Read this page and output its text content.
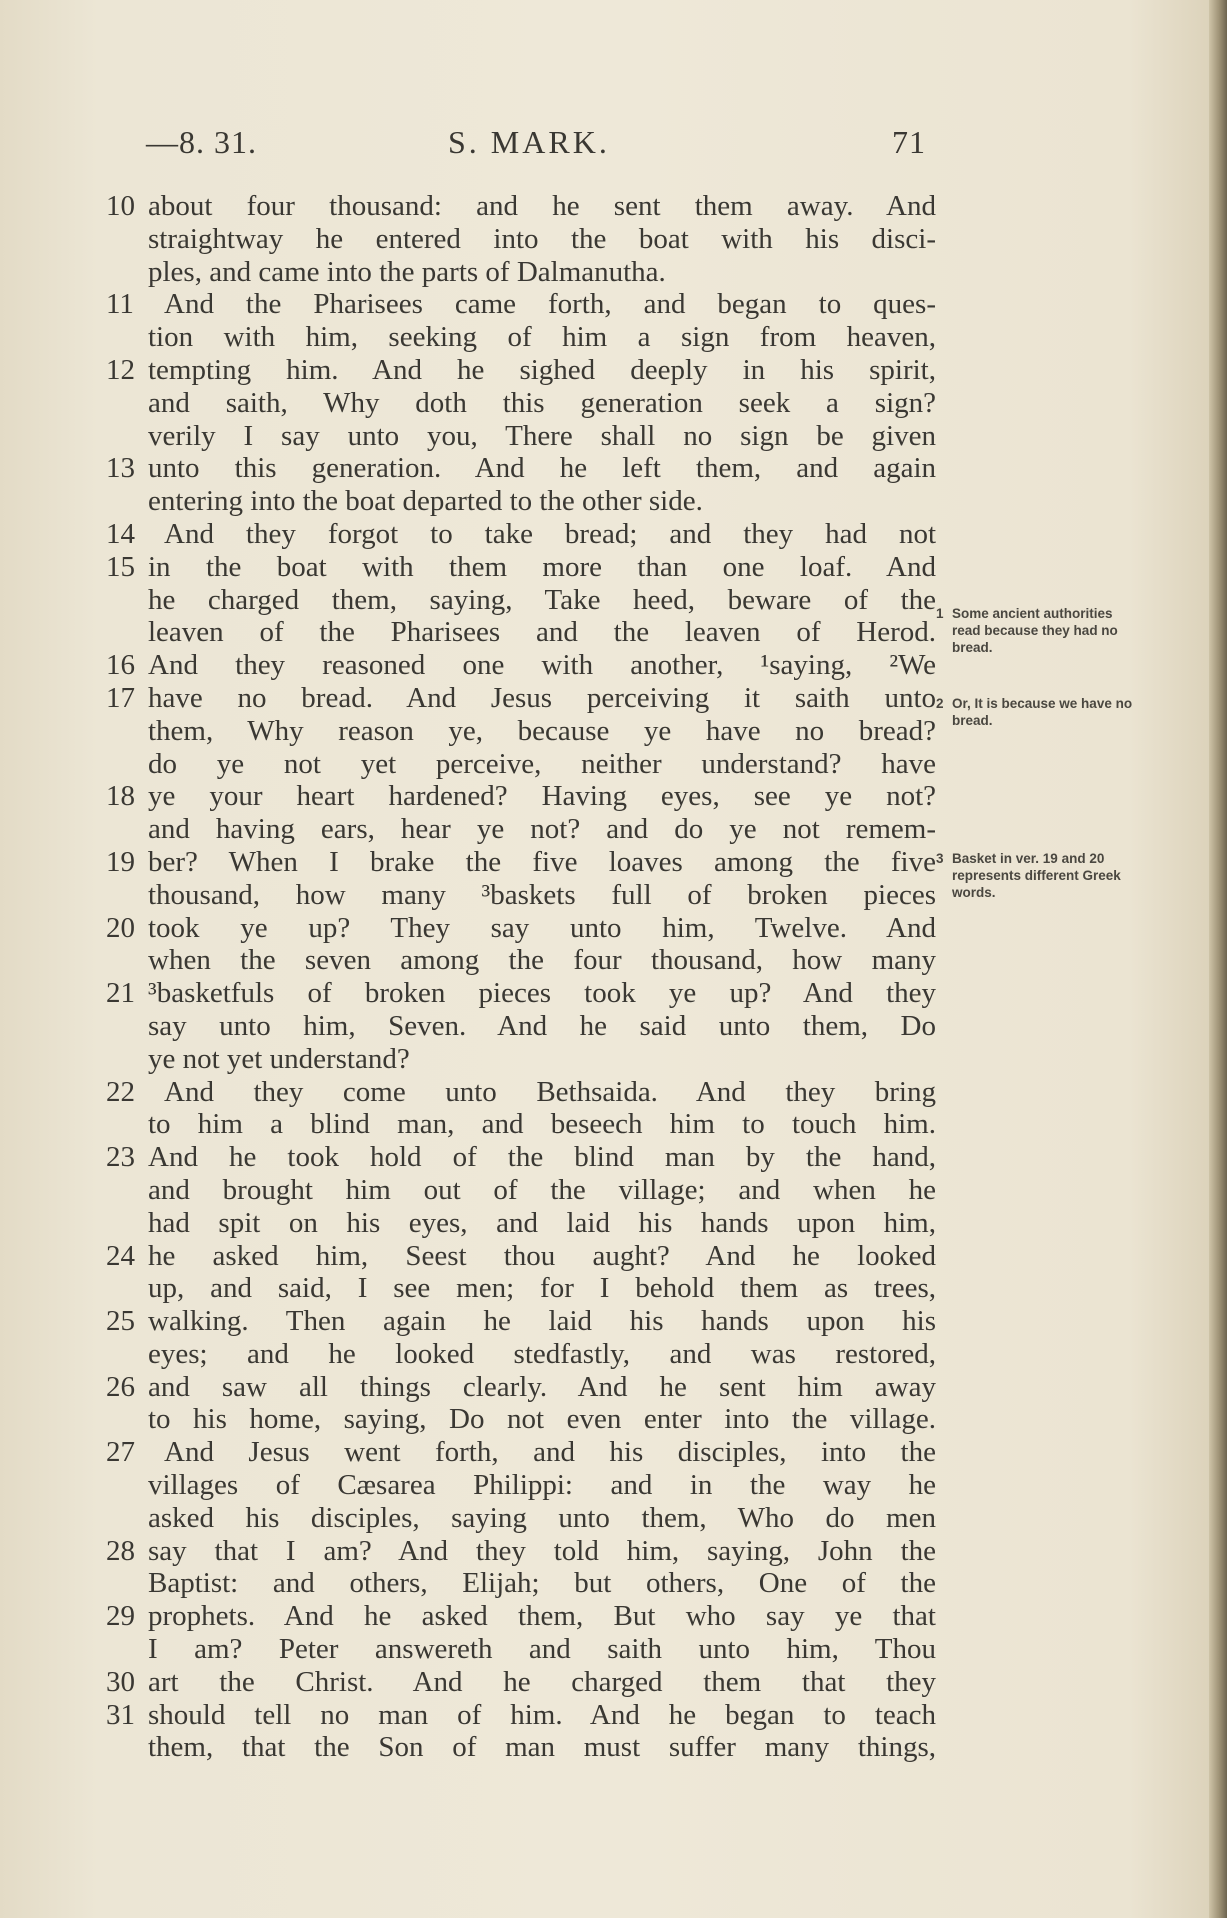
—8. 31.	S. MARK.	71
10 about four thousand: and he sent them away. And
straightway he entered into the boat with his disci-
ples, and came into the parts of Dalmanutha.
11 And the Pharisees came forth, and began to ques-
tion with him, seeking of him a sign from heaven,
12 tempting him. And he sighed deeply in his spirit,
and saith, Why doth this generation seek a sign?
verily I say unto you, There shall no sign be given
13 unto this generation. And he left them, and again
entering into the boat departed to the other side.
14 And they forgot to take bread; and they had not
15 in the boat with them more than one loaf. And
he charged them, saying, Take heed, beware of the
leaven of the Pharisees and the leaven of Herod.
16 And they reasoned one with another, ¹saying, ²We
17 have no bread. And Jesus perceiving it saith unto
them, Why reason ye, because ye have no bread?
do ye not yet perceive, neither understand? have
18 ye your heart hardened? Having eyes, see ye not?
and having ears, hear ye not? and do ye not remem-
19 ber? When I brake the five loaves among the five
thousand, how many ³baskets full of broken pieces
20 took ye up? They say unto him, Twelve. And
when the seven among the four thousand, how many
21 ³basketfuls of broken pieces took ye up? And they
say unto him, Seven. And he said unto them, Do
ye not yet understand?
22 And they come unto Bethsaida. And they bring
to him a blind man, and beseech him to touch him.
23 And he took hold of the blind man by the hand,
and brought him out of the village; and when he
had spit on his eyes, and laid his hands upon him,
24 he asked him, Seest thou aught? And he looked
up, and said, I see men; for I behold them as trees,
25 walking. Then again he laid his hands upon his
eyes; and he looked stedfastly, and was restored,
26 and saw all things clearly. And he sent him away
to his home, saying, Do not even enter into the village.
27 And Jesus went forth, and his disciples, into the
villages of Cæsarea Philippi: and in the way he
asked his disciples, saying unto them, Who do men
28 say that I am? And they told him, saying, John the
Baptist: and others, Elijah; but others, One of the
29 prophets. And he asked them, But who say ye that
I am? Peter answereth and saith unto him, Thou
30 art the Christ. And he charged them that they
31 should tell no man of him. And he began to teach
them, that the Son of man must suffer many things,
1 Some ancient authorities read because they had no bread.
2 Or, It is because we have no bread.
3 Basket in ver. 19 and 20 represents different Greek words.
